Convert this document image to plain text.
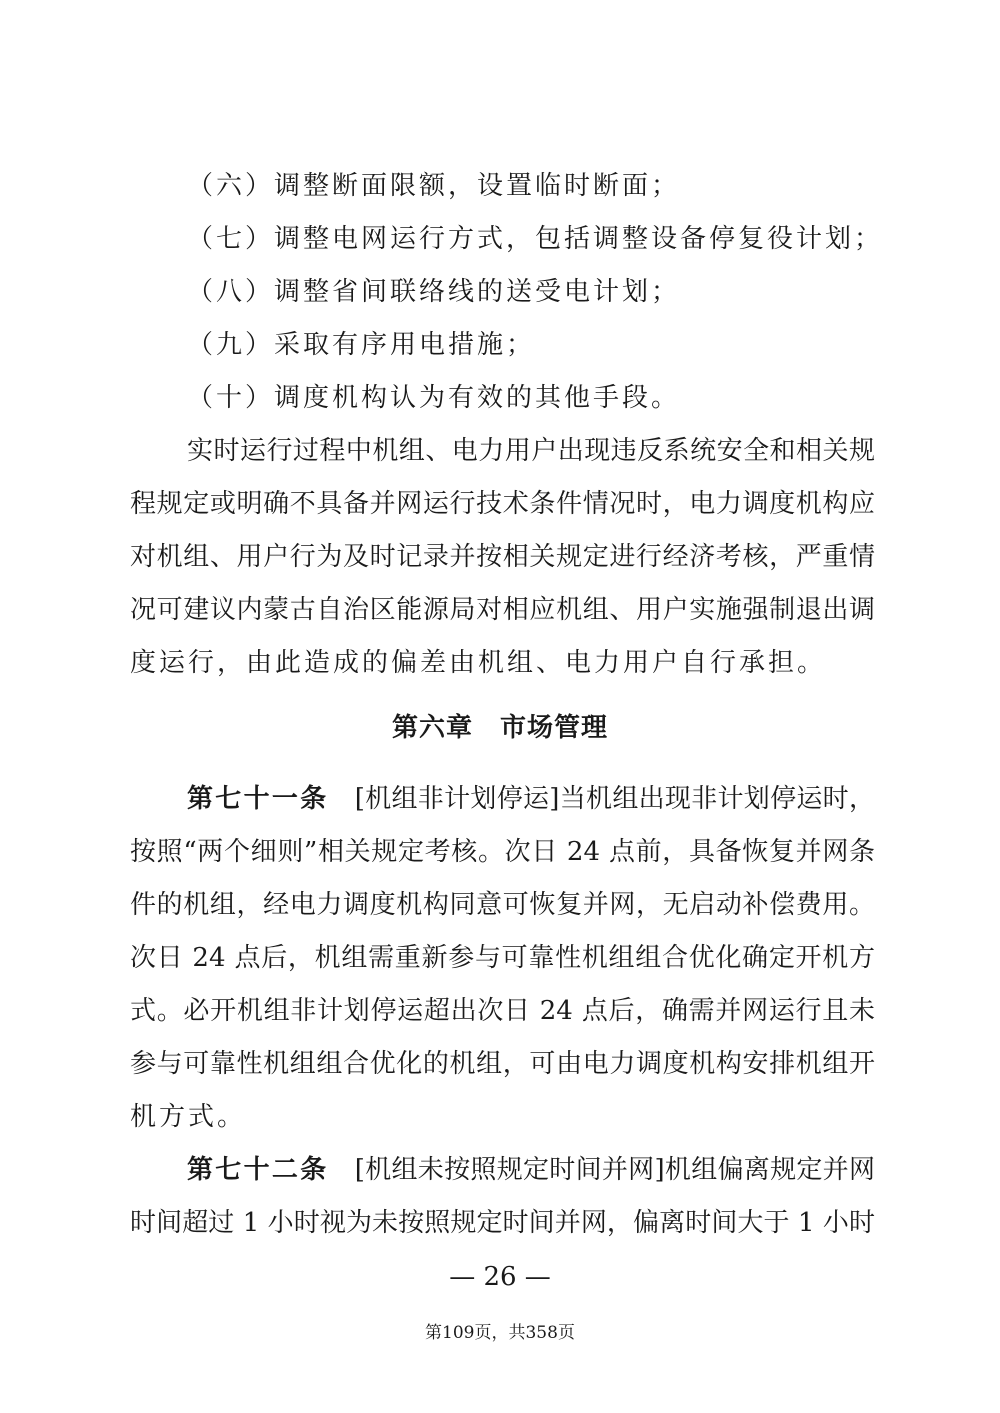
（六）调整断面限额，设置临时断面；
（七）调整电网运行方式，包括调整设备停复役计划；
（八）调整省间联络线的送受电计划；
（九）采取有序用电措施；
（十）调度机构认为有效的其他手段。
实时运行过程中机组、电力用户出现违反系统安全和相关规
程规定或明确不具备并网运行技术条件情况时，电力调度机构应
对机组、用户行为及时记录并按相关规定进行经济考核，严重情
况可建议内蒙古自治区能源局对相应机组、用户实施强制退出调
度运行，由此造成的偏差由机组、电力用户自行承担。
第六章　市场管理
第七十一条　[机组非计划停运]当机组出现非计划停运时，
按照“两个细则”相关规定考核。次日 24 点前，具备恢复并网条
件的机组，经电力调度机构同意可恢复并网，无启动补偿费用。
次日 24 点后，机组需重新参与可靠性机组组合优化确定开机方
式。必开机组非计划停运超出次日 24 点后，确需并网运行且未
参与可靠性机组组合优化的机组，可由电力调度机构安排机组开
机方式。
第七十二条　[机组未按照规定时间并网]机组偏离规定并网
时间超过 1 小时视为未按照规定时间并网，偏离时间大于 1 小时
— 26 —
第109页，共358页
